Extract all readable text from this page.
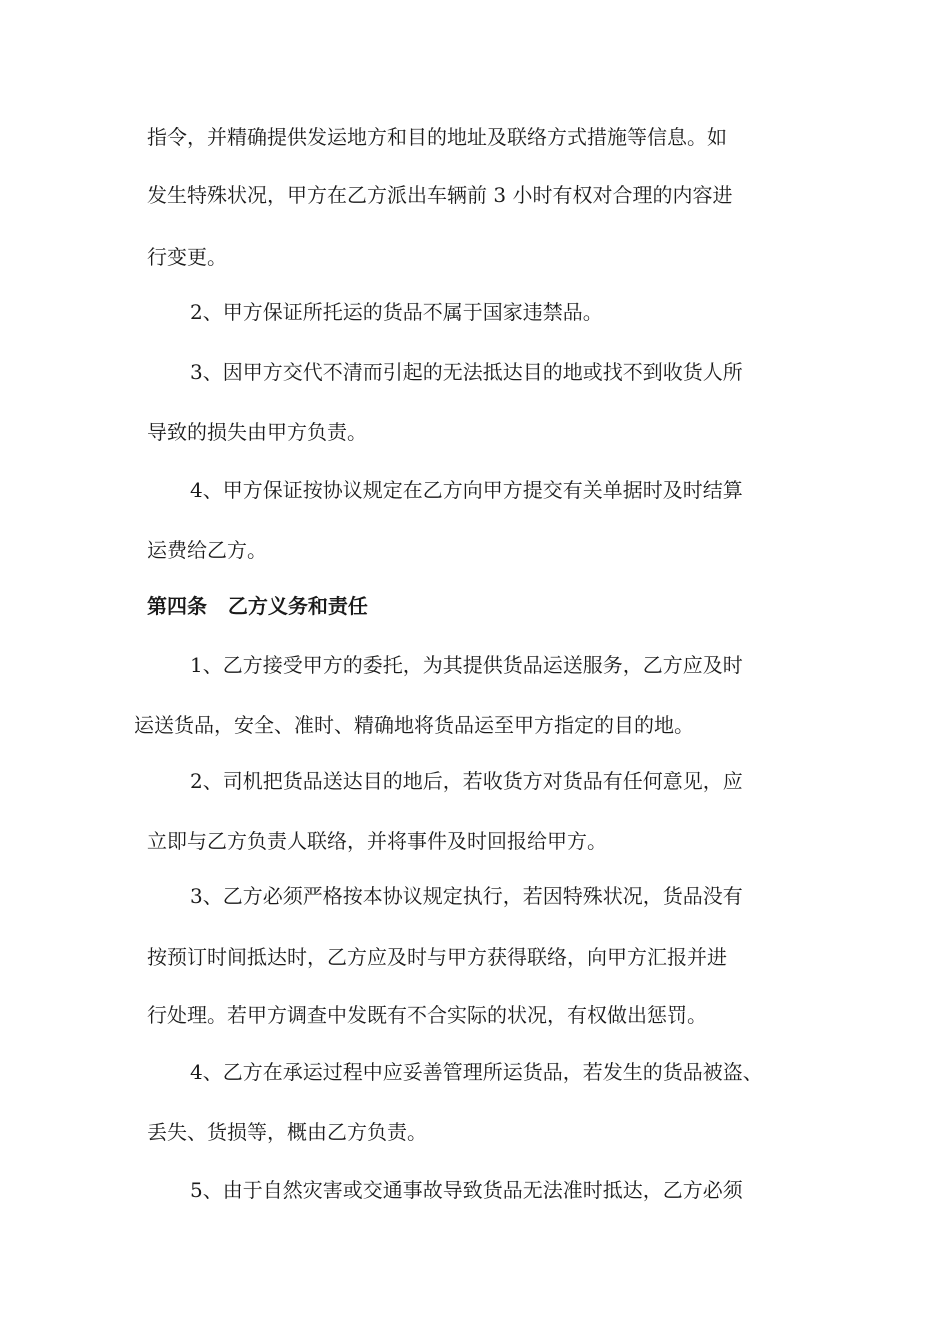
指令，并精确提供发运地方和目的地址及联络方式措施等信息。如
发生特殊状况，甲方在乙方派出车辆前 3 小时有权对合理的内容进
行变更。
2、甲方保证所托运的货品不属于国家违禁品。
3、因甲方交代不清而引起的无法抵达目的地或找不到收货人所
导致的损失由甲方负责。
4、甲方保证按协议规定在乙方向甲方提交有关单据时及时结算
运费给乙方。
第四条   乙方义务和责任
1、乙方接受甲方的委托，为其提供货品运送服务，乙方应及时
运送货品，安全、准时、精确地将货品运至甲方指定的目的地。
2、司机把货品送达目的地后，若收货方对货品有任何意见，应
立即与乙方负责人联络，并将事件及时回报给甲方。
3、乙方必须严格按本协议规定执行，若因特殊状况，货品没有
按预订时间抵达时，乙方应及时与甲方获得联络，向甲方汇报并进
行处理。若甲方调查中发既有不合实际的状况，有权做出惩罚。
4、乙方在承运过程中应妥善管理所运货品，若发生的货品被盗、
丢失、货损等，概由乙方负责。
5、由于自然灾害或交通事故导致货品无法准时抵达，乙方必须
